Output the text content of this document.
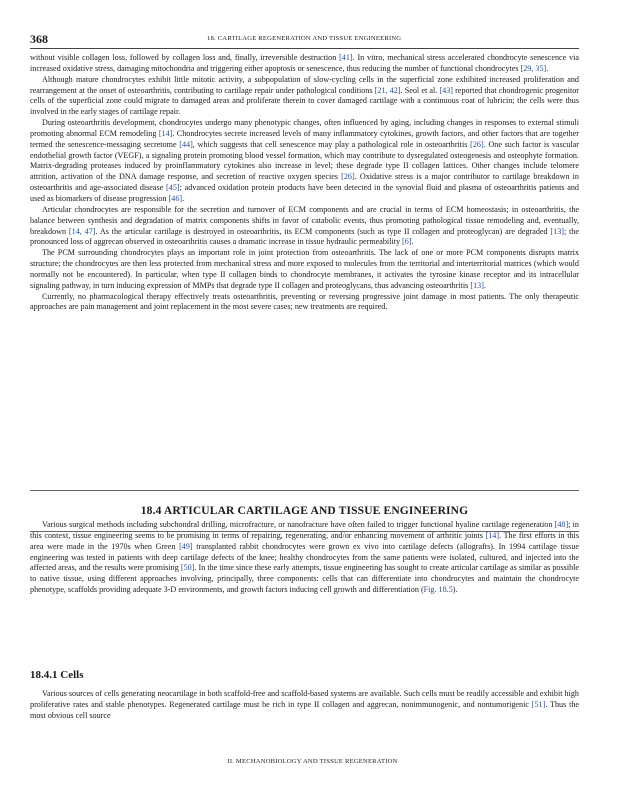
368	18. CARTILAGE REGENERATION AND TISSUE ENGINEERING

without visible collagen loss, followed by collagen loss and, finally, irreversible destruction [41]. In vitro, mechanical stress accelerated chondrocyte senescence via increased oxidative stress, damaging mitochondria and triggering either apoptosis or senescence, thus reducing the number of functional chondrocytes [29, 35].

Although mature chondrocytes exhibit little mitotic activity, a subpopulation of slow-cycling cells in the superficial zone exhibited increased proliferation and rearrangement at the onset of osteoarthritis, contributing to cartilage repair under pathological conditions [21, 42]. Seol et al. [43] reported that chondrogenic progenitor cells of the superficial zone could migrate to damaged areas and proliferate therein to cover damaged cartilage with a continuous coat of lubricin; the cells were thus involved in the early stages of cartilage repair.

During osteoarthritis development, chondrocytes undergo many phenotypic changes, often influenced by aging, including changes in responses to external stimuli promoting abnormal ECM remodeling [14]. Chondrocytes secrete increased levels of many inflammatory cytokines, growth factors, and other factors that are together termed the senescence-messaging secretome [44], which suggests that cell senescence may play a pathological role in osteoarthritis [26]. One such factor is vascular endothelial growth factor (VEGF), a signaling protein promoting blood vessel formation, which may contribute to dysregulated osteogenesis and osteophyte formation. Matrix-degrading proteases induced by proinflammatory cytokines also increase in level; these degrade type II collagen lattices. Other changes include telomere attrition, activation of the DNA damage response, and secretion of reactive oxygen species [26]. Oxidative stress is a major contributor to cartilage breakdown in osteoarthritis and age-associated disease [45]; advanced oxidation protein products have been detected in the synovial fluid and plasma of osteoarthritis patients and used as biomarkers of disease progression [46].

Articular chondrocytes are responsible for the secretion and turnover of ECM components and are crucial in terms of ECM homeostasis; in osteoarthritis, the balance between synthesis and degradation of matrix components shifts in favor of catabolic events, thus promoting pathological tissue remodeling and, eventually, breakdown [14, 47]. As the articular cartilage is destroyed in osteoarthritis, its ECM components (such as type II collagen and proteoglycan) are degraded [13]; the pronounced loss of aggrecan observed in osteoarthritis causes a dramatic increase in tissue hydraulic permeability [6].

The PCM surrounding chondrocytes plays an important role in joint protection from osteoarthritis. The lack of one or more PCM components disrupts matrix structure; the chondrocytes are then less protected from mechanical stress and more exposed to molecules from the territorial and interterritorial matrices (which would normally not be encountered). In particular, when type II collagen binds to chondrocyte membranes, it activates the tyrosine kinase receptor and its intracellular signaling pathway, in turn inducing expression of MMPs that degrade type II collagen and proteoglycans, thus advancing osteoarthritis [13].

Currently, no pharmacological therapy effectively treats osteoarthritis, preventing or reversing progressive joint damage in most patients. The only therapeutic approaches are pain management and joint replacement in the most severe cases; new treatments are required.

18.4 ARTICULAR CARTILAGE AND TISSUE ENGINEERING

Various surgical methods including subchondral drilling, microfracture, or nanofracture have often failed to trigger functional hyaline cartilage regeneration [48]; in this context, tissue engineering seems to be promising in terms of repairing, regenerating, and/or enhancing movement of arthritic joints [14]. The first efforts in this area were made in the 1970s when Green [49] transplanted rabbit chondrocytes were grown ex vivo into cartilage defects (allografts). In 1994 cartilage tissue engineering was tested in patients with deep cartilage defects of the knee; healthy chondrocytes from the same patients were isolated, cultured, and injected into the affected areas, and the results were promising [50]. In the time since these early attempts, tissue engineering has sought to create articular cartilage as similar as possible to native tissue, using different approaches involving, principally, three components: cells that can differentiate into chondrocytes and maintain the chondrocyte phenotype, scaffolds providing adequate 3-D environments, and growth factors inducing cell growth and differentiation (Fig. 18.5).

18.4.1 Cells

Various sources of cells generating neocartilage in both scaffold-free and scaffold-based systems are available. Such cells must be readily accessible and exhibit high proliferative rates and stable phenotypes. Regenerated cartilage must be rich in type II collagen and aggrecan, nonimmunogenic, and nontumorigenic [51]. Thus the most obvious cell source

II. MECHANOBIOLOGY AND TISSUE REGENERATION
